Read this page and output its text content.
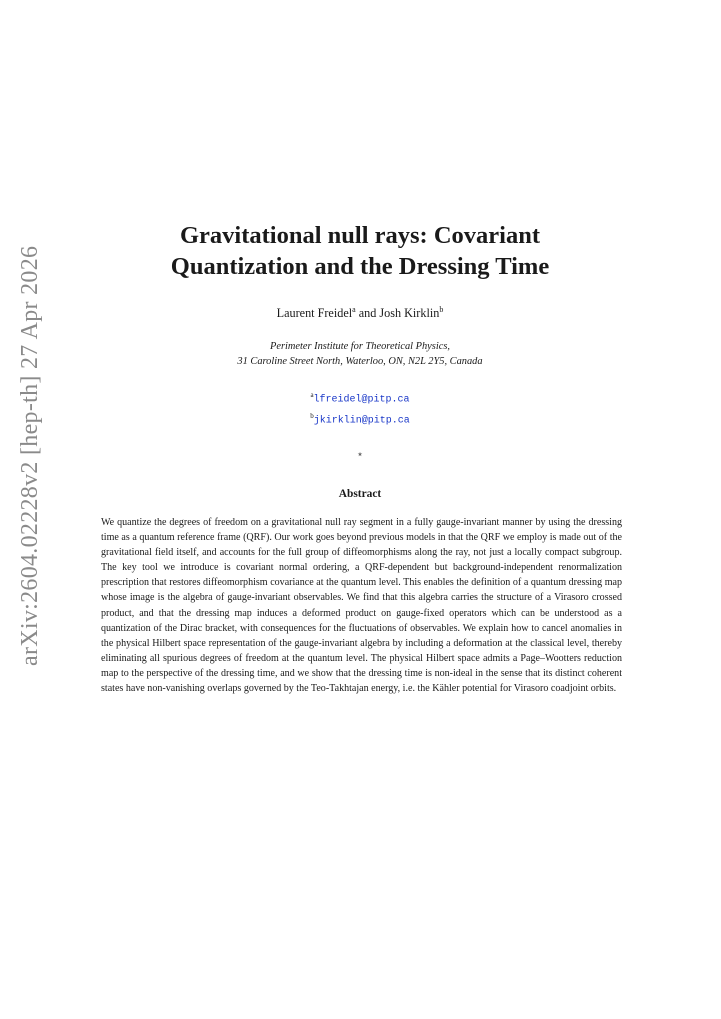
arXiv:2604.02228v2 [hep-th] 27 Apr 2026
Gravitational null rays: Covariant
Quantization and the Dressing Time
Laurent Freidel$^a$ and Josh Kirklin$^b$
Perimeter Institute for Theoretical Physics,
31 Caroline Street North, Waterloo, ON, N2L 2Y5, Canada
$^a$lfreidel@pitp.ca
$^b$jkirklin@pitp.ca
⋆
Abstract

We quantize the degrees of freedom on a gravitational null ray segment in a fully gauge-invariant manner by using the dressing time as a quantum reference frame (QRF). Our work goes beyond previous models in that the QRF we employ is made out of the gravitational field itself, and accounts for the full group of diffeomorphisms along the ray, not just a locally compact subgroup. The key tool we introduce is covariant normal ordering, a QRF-dependent but background-independent renormalization prescription that restores diffeomorphism covariance at the quantum level. This enables the definition of a quantum dressing map whose image is the algebra of gauge-invariant observables. We find that this algebra carries the structure of a Virasoro crossed product, and that the dressing map induces a deformed product on gauge-fixed operators which can be understood as a quantization of the Dirac bracket, with consequences for the fluctuations of observables. We explain how to cancel anomalies in the physical Hilbert space representation of the gauge-invariant algebra by including a deformation at the classical level, thereby eliminating all spurious degrees of freedom at the quantum level. The physical Hilbert space admits a Page–Wootters reduction map to the perspective of the dressing time, and we show that the dressing time is non-ideal in the sense that its distinct coherent states have non-vanishing overlaps governed by the Teo-Takhtajan energy, i.e. the Kähler potential for Virasoro coadjoint orbits.
